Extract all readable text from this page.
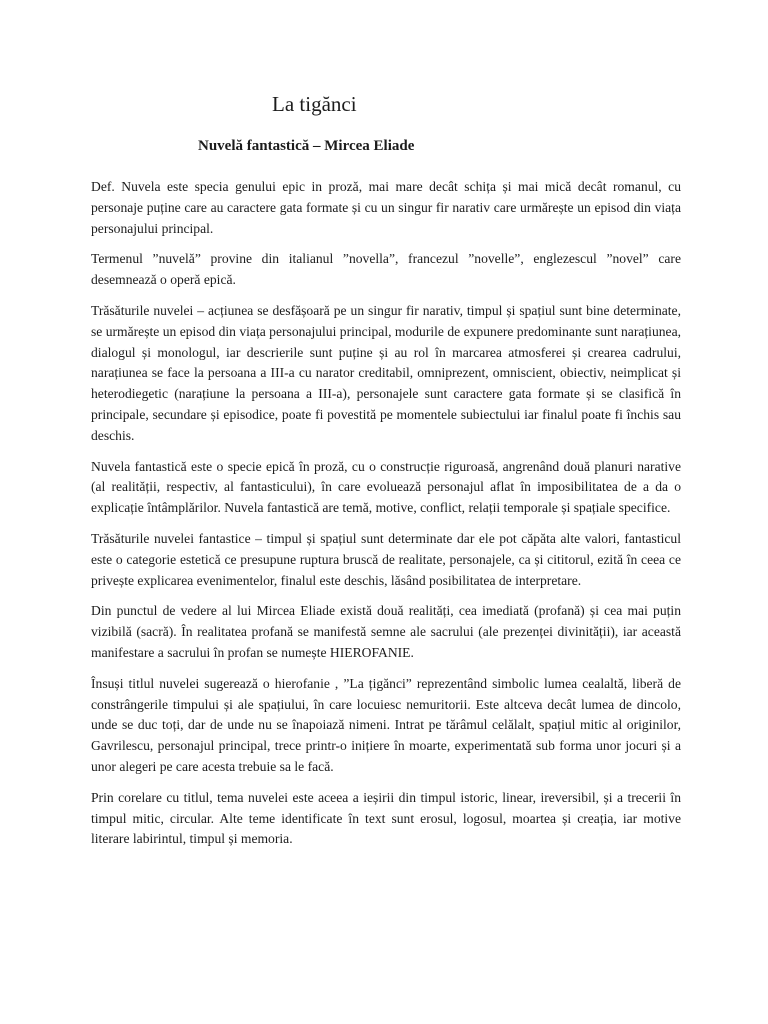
La tigănci
Nuvelă fantastică – Mircea Eliade

Def. Nuvela este specia genului epic in proză, mai mare decât schița și mai mică decât romanul, cu personaje puține care au caractere gata formate și cu un singur fir narativ care urmărește un episod din viața personajului principal.

Termenul ”nuvelă” provine din italianul ”novella”, francezul ”novelle”, englezescul ”novel” care desemnează o operă epică.

Trăsăturile nuvelei – acțiunea se desfășoară pe un singur fir narativ, timpul și spațiul sunt bine determinate, se urmărește un episod din viața personajului principal, modurile de expunere predominante sunt narațiunea, dialogul și monologul, iar descrierile sunt puține și au rol în marcarea atmosferei și crearea cadrului, narațiunea se face la persoana a III-a cu narator creditabil, omniprezent, omniscient, obiectiv, neimplicat și heterodiegetic (narațiune la persoana a III-a), personajele sunt caractere gata formate și se clasifică în principale, secundare și episodice, poate fi povestită pe momentele subiectului iar finalul poate fi închis sau deschis.

Nuvela fantastică este o specie epică în proză, cu o construcție riguroasă, angrenând două planuri narative (al realității, respectiv, al fantasticului), în care evoluează personajul aflat în imposibilitatea de a da o explicație întâmplărilor. Nuvela fantastică are temă, motive, conflict, relații temporale și spațiale specifice.

Trăsăturile nuvelei fantastice – timpul și spațiul sunt determinate dar ele pot căpăta alte valori, fantasticul este o categorie estetică ce presupune ruptura bruscă de realitate, personajele, ca și cititorul, ezită în ceea ce privește explicarea evenimentelor, finalul este deschis, lăsând posibilitatea de interpretare.

Din punctul de vedere al lui Mircea Eliade există două realități, cea imediată (profană) și cea mai puțin vizibilă (sacră). În realitatea profană se manifestă semne ale sacrului (ale prezenței divinității), iar această manifestare a sacrului în profan se numește HIEROFANIE.

Însuși titlul nuvelei sugerează o hierofanie , ”La țigănci” reprezentând simbolic lumea cealaltă, liberă de constrângerile timpului și ale spațiului, în care locuiesc nemuritorii. Este altceva decât lumea de dincolo, unde se duc toți, dar de unde nu se înapoiază nimeni. Intrat pe tărâmul celălalt, spațiul mitic al originilor, Gavrilescu, personajul principal, trece printr-o inițiere în moarte, experimentată sub forma unor jocuri și a unor alegeri pe care acesta trebuie sa le facă.

Prin corelare cu titlul, tema nuvelei este aceea a ieșirii din timpul istoric, linear, ireversibil, și a trecerii în timpul mitic, circular. Alte teme identificate în text sunt erosul, logosul, moartea și creația, iar motive literare labirintul, timpul și memoria.
